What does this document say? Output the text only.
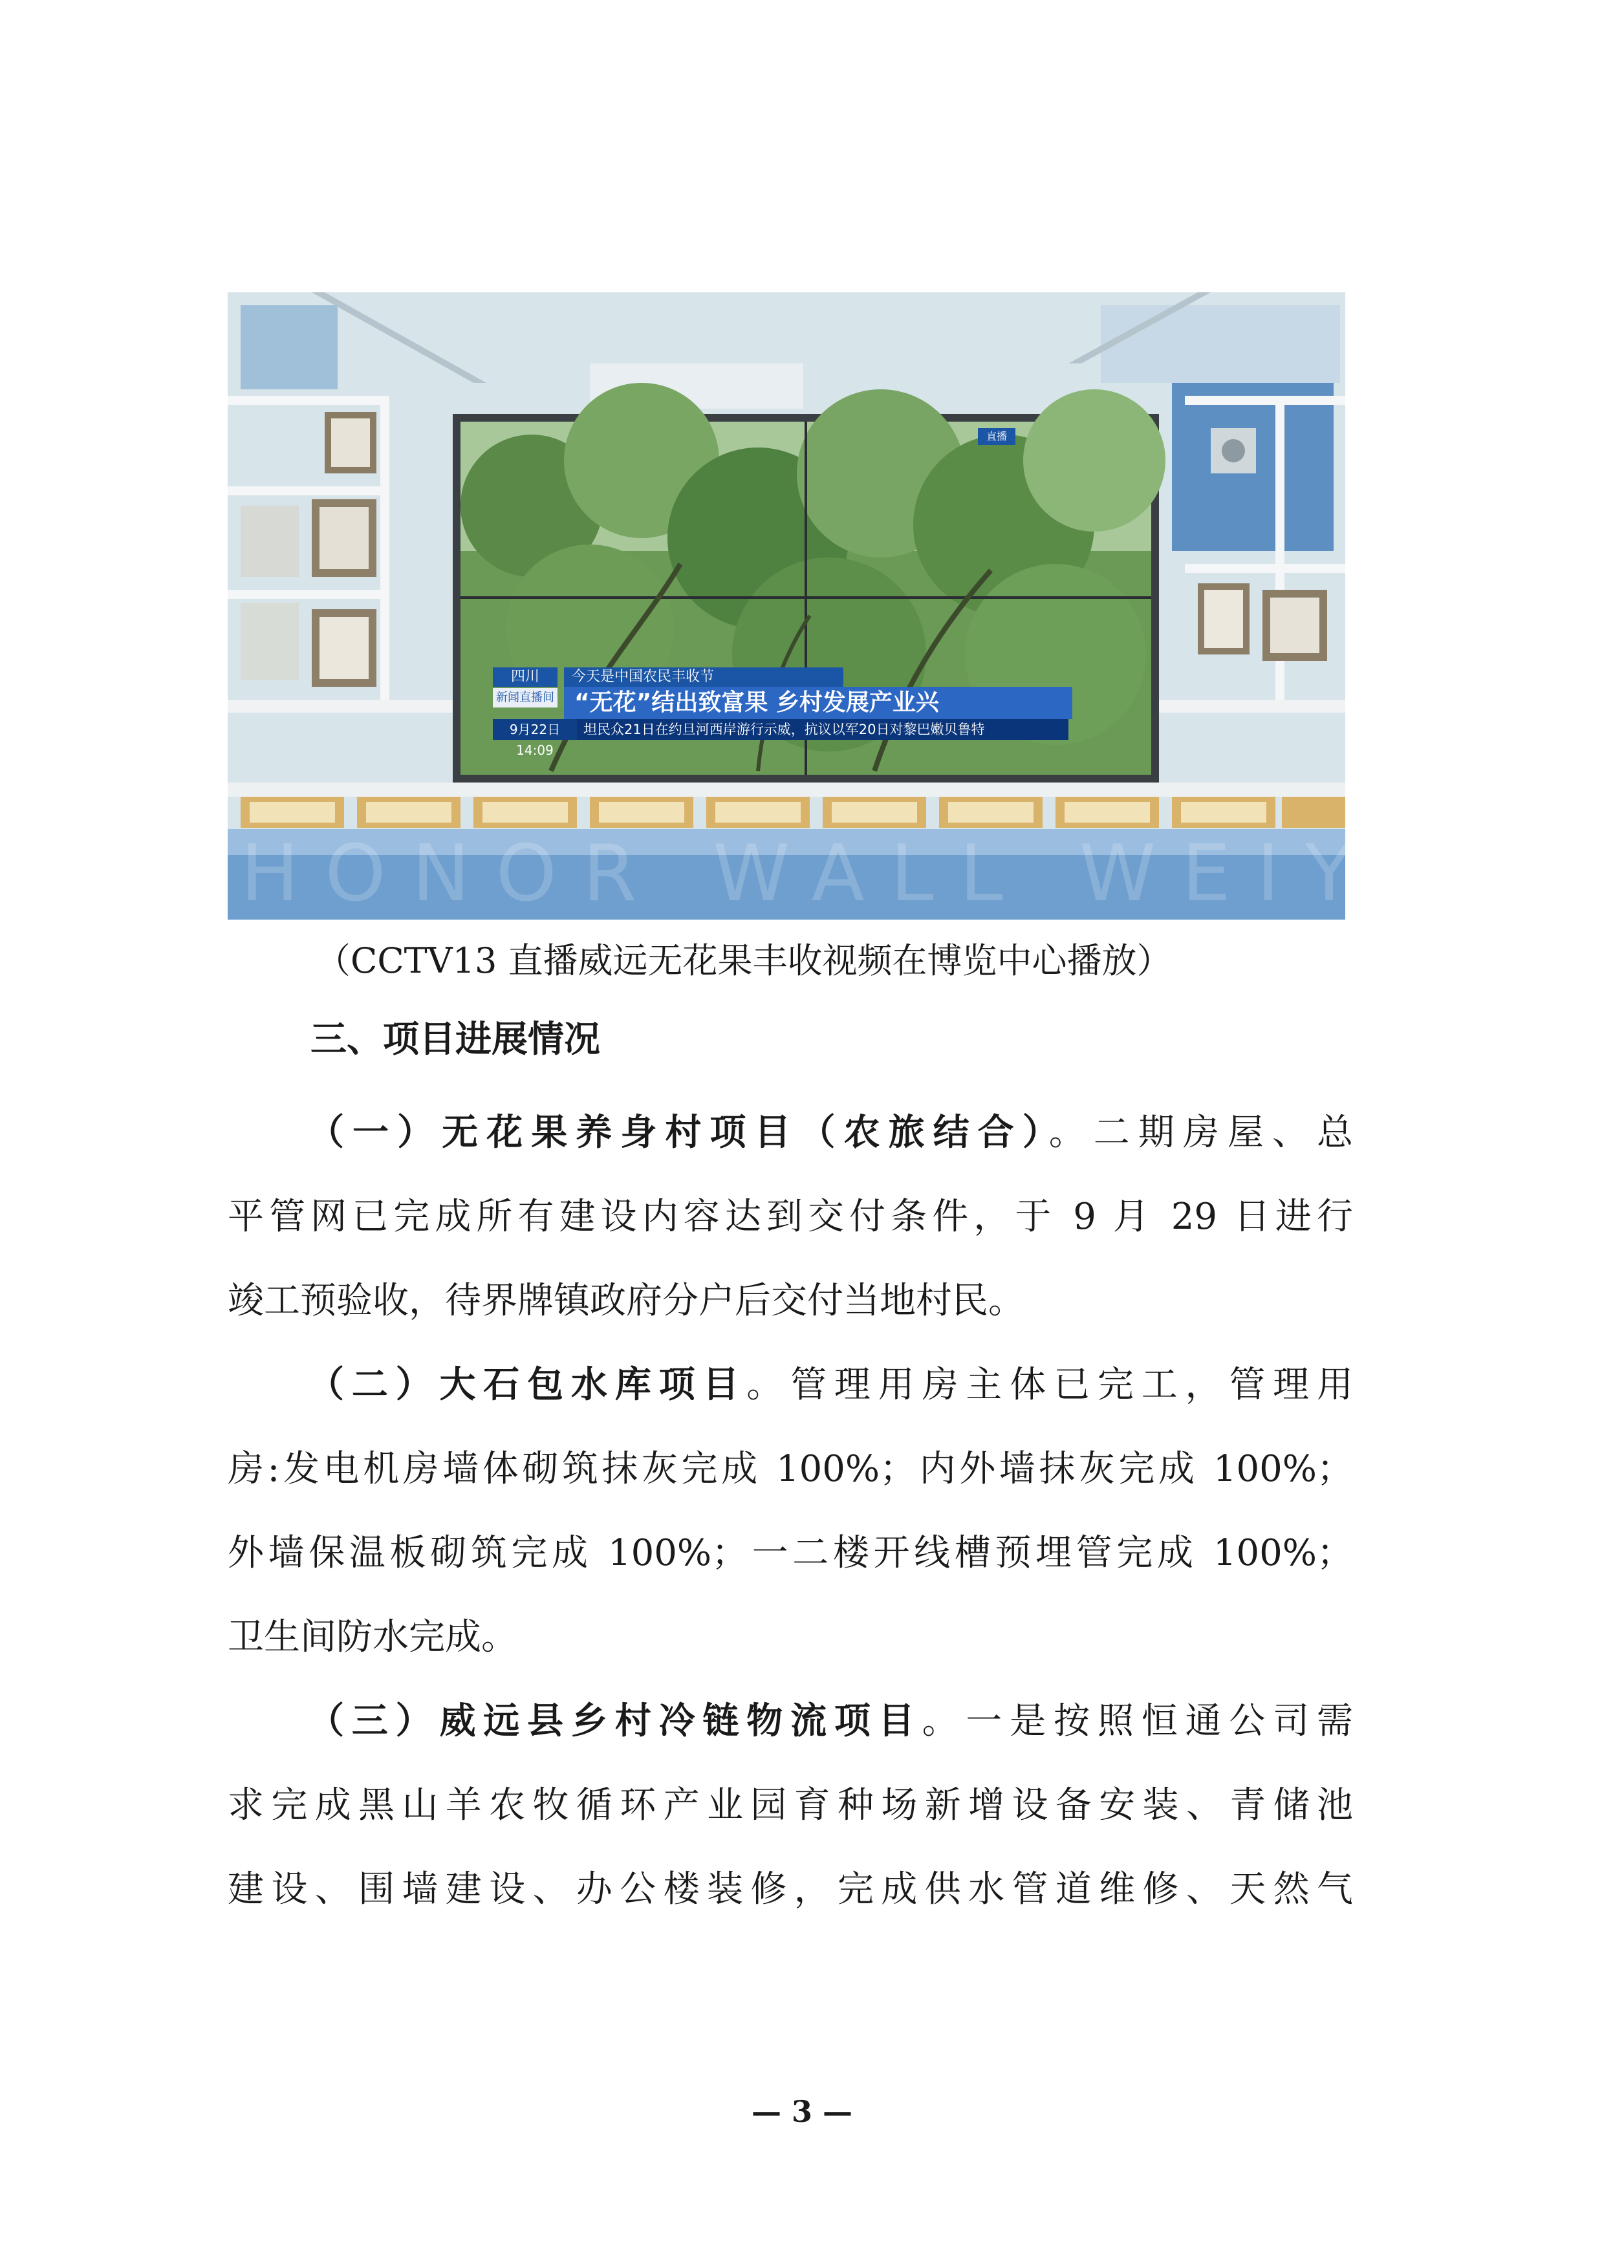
四川	今天是中国农民丰收节
新闻直播间 “无花”结出致富果 乡村发展产业兴
9月22日 14:09
坦民众21日在约旦河西岸游行示威，抗议以军20日对黎巴嫩贝鲁特
直播
HONOR WALL WEIYUAN
（CCTV13 直播威远无花果丰收视频在博览中心播放）
三、项目进展情况
（一）无花果养身村项目（农旅结合）。二期房屋、总
平管网已完成所有建设内容达到交付条件，于 9 月 29 日进行
竣工预验收，待界牌镇政府分户后交付当地村民。
（二）大石包水库项目。管理用房主体已完工，管理用
房:发电机房墙体砌筑抹灰完成 100%；内外墙抹灰完成 100%；
外墙保温板砌筑完成 100%；一二楼开线槽预埋管完成 100%；
卫生间防水完成。
（三）威远县乡村冷链物流项目。一是按照恒通公司需
求完成黑山羊农牧循环产业园育种场新增设备安装、青储池
建设、围墙建设、办公楼装修，完成供水管道维修、天然气
— 3 —
